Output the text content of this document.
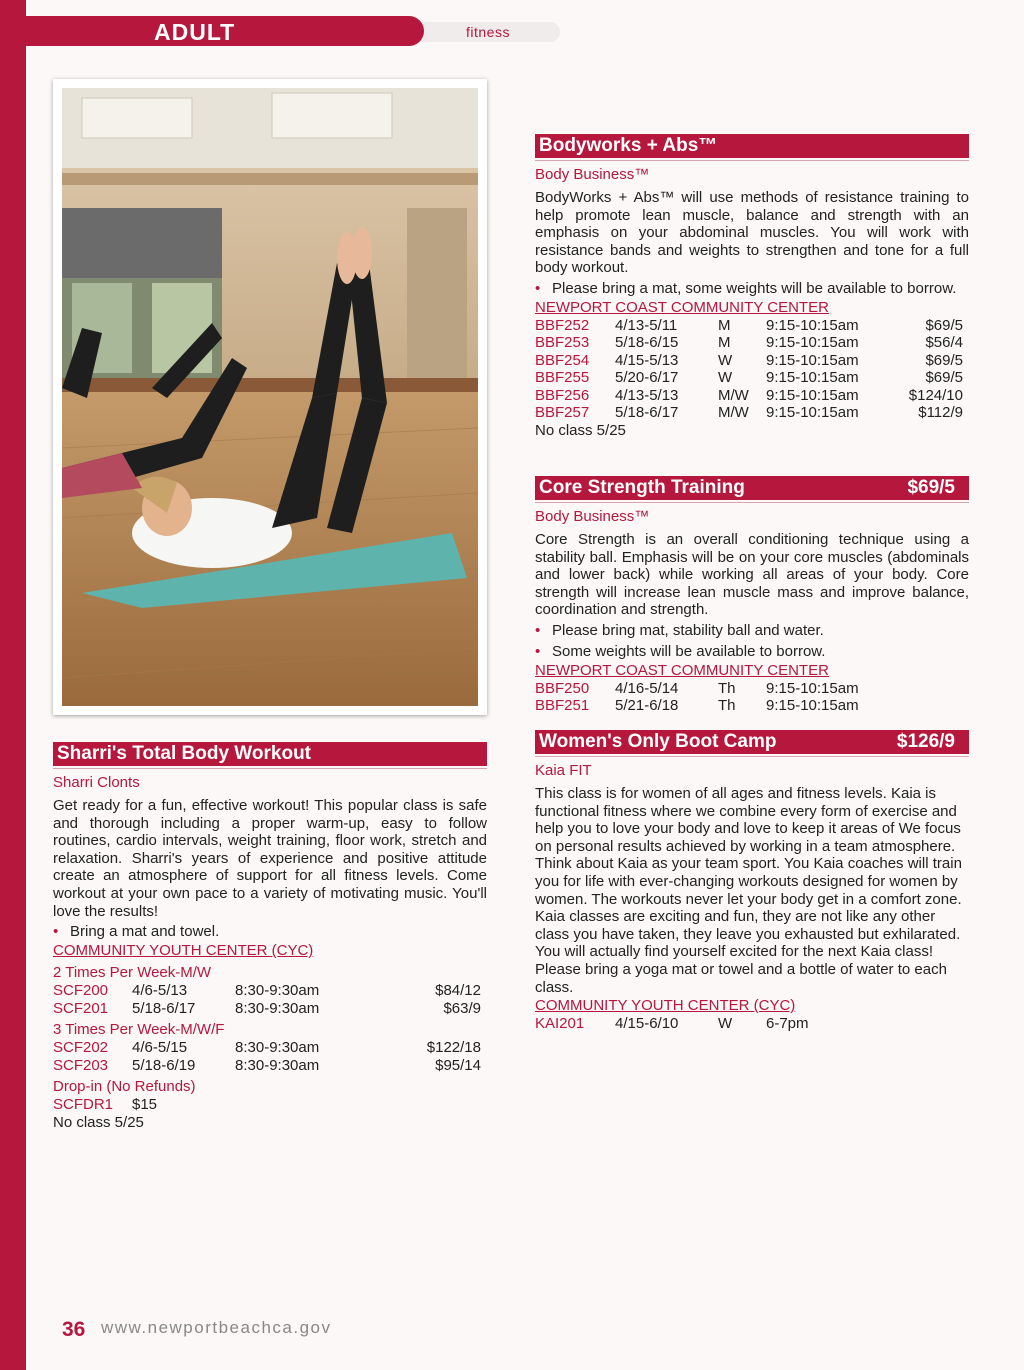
ADULT	fitness
Bodyworks + Abs™
Body Business™
BodyWorks + Abs™ will use methods of resistance training to help promote lean muscle, balance and strength with an emphasis on your abdominal muscles. You will work with resistance bands and weights to strengthen and tone for a full body workout.
• Please bring a mat, some weights will be available to borrow.
NEWPORT COAST COMMUNITY CENTER
BBF252 4/13-5/11	M 9:15-10:15am	$69/5
BBF253 5/18-6/15	M 9:15-10:15am	$56/4
BBF254 4/15-5/13	W 9:15-10:15am	$69/5
BBF255 5/20-6/17	W 9:15-10:15am	$69/5
BBF256 4/13-5/13	M/W 9:15-10:15am	$124/10
BBF257 5/18-6/17	M/W 9:15-10:15am	$112/9
No class 5/25
Core Strength Training	$69/5
Body Business™
Core Strength is an overall conditioning technique using a stability ball. Emphasis will be on your core muscles (abdominals and lower back) while working all areas of your body. Core strength will increase lean muscle mass and improve balance, coordination and strength.
• Please bring mat, stability ball and water.
• Some weights will be available to borrow.
NEWPORT COAST COMMUNITY CENTER
BBF250 4/16-5/14	Th 9:15-10:15am
BBF251 5/21-6/18	Th 9:15-10:15am
Women's Only Boot Camp	$126/9
Kaia FIT
This class is for women of all ages and fitness levels. Kaia is functional fitness where we combine every form of exercise and help you to love your body and love to keep it areas of We focus on personal results achieved by working in a team atmosphere. Think about Kaia as your team sport. You Kaia coaches will train you for life with ever-changing workouts designed for women by women. The workouts never let your body get in a comfort zone. Kaia classes are exciting and fun, they are not like any other class you have taken, they leave you exhausted but exhilarated. You will actually find yourself excited for the next Kaia class! Please bring a yoga mat or towel and a bottle of water to each class.
COMMUNITY YOUTH CENTER (CYC)
KAI201 4/15-6/10	W 6-7pm
Sharri's Total Body Workout
Sharri Clonts
Get ready for a fun, effective workout! This popular class is safe and thorough including a proper warm-up, easy to follow routines, cardio intervals, weight training, floor work, stretch and relaxation. Sharri's years of experience and positive attitude create an atmosphere of support for all fitness levels. Come workout at your own pace to a variety of motivating music. You'll love the results!
• Bring a mat and towel.
COMMUNITY YOUTH CENTER (CYC)
2 Times Per Week-M/W
SCF200 4/6-5/13	8:30-9:30am	$84/12
SCF201 5/18-6/17	8:30-9:30am	$63/9
3 Times Per Week-M/W/F
SCF202 4/6-5/15	8:30-9:30am	$122/18
SCF203 5/18-6/19	8:30-9:30am	$95/14
Drop-in (No Refunds)
SCFDR1 $15
No class 5/25
36 www.newportbeachca.gov
